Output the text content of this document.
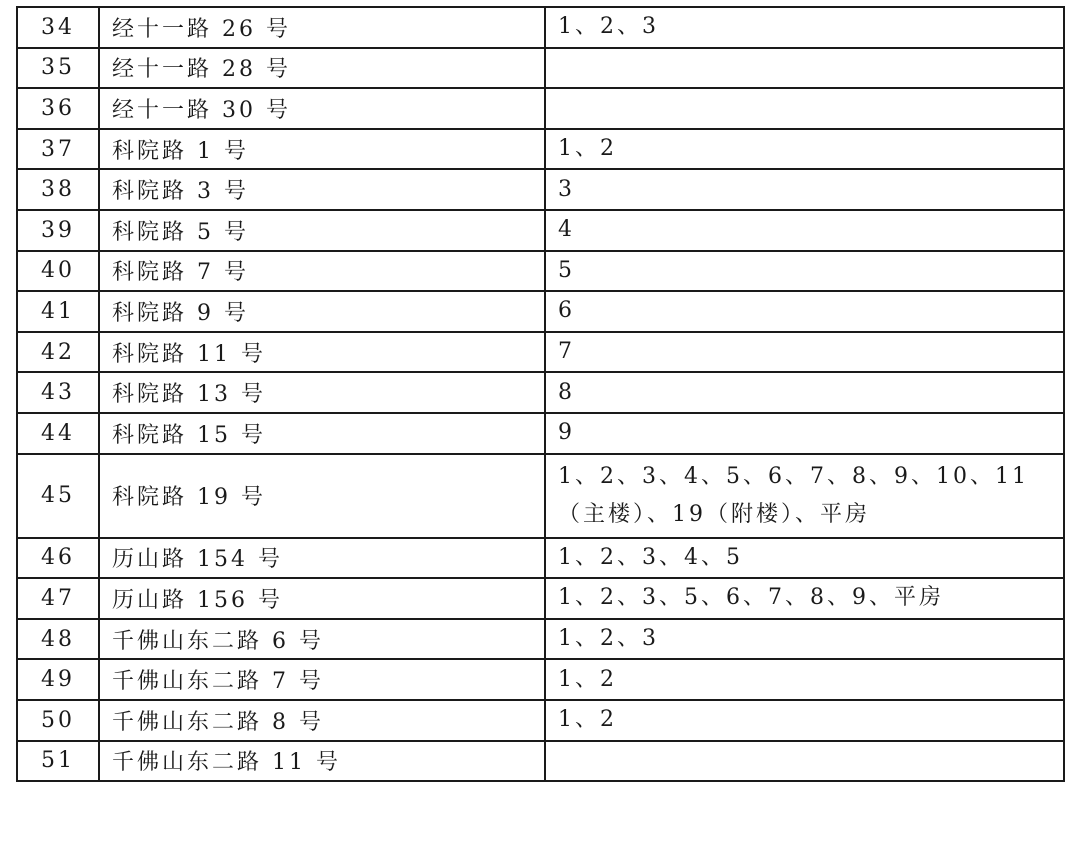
34	经十一路 26 号	1、2、3
35	经十一路 28 号	
36	经十一路 30 号	
37	科院路 1 号	1、2
38	科院路 3 号	3
39	科院路 5 号	4
40	科院路 7 号	5
41	科院路 9 号	6
42	科院路 11 号	7
43	科院路 13 号	8
44	科院路 15 号	9
45	科院路 19 号	1、2、3、4、5、6、7、8、9、10、11（主楼）、19（附楼）、平房
46	历山路 154 号	1、2、3、4、5
47	历山路 156 号	1、2、3、5、6、7、8、9、平房
48	千佛山东二路 6 号	1、2、3
49	千佛山东二路 7 号	1、2
50	千佛山东二路 8 号	1、2
51	千佛山东二路 11 号	
